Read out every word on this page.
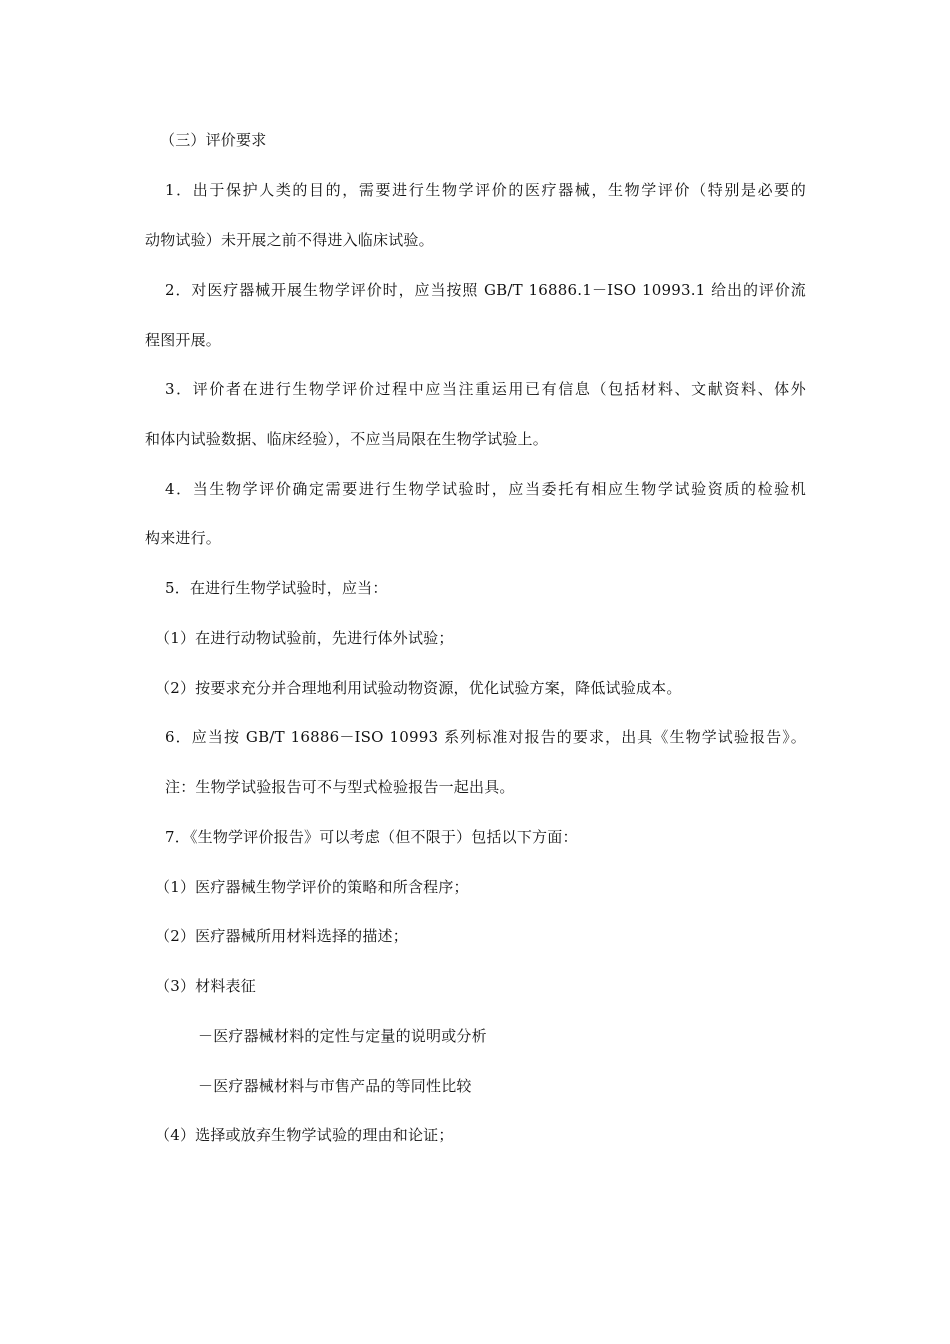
（三）评价要求
1．出于保护人类的目的，需要进行生物学评价的医疗器械，生物学评价（特别是必要的
动物试验）未开展之前不得进入临床试验。
2．对医疗器械开展生物学评价时，应当按照 GB/T 16886.1－ISO 10993.1 给出的评价流
程图开展。
3．评价者在进行生物学评价过程中应当注重运用已有信息（包括材料、文献资料、体外
和体内试验数据、临床经验），不应当局限在生物学试验上。
4．当生物学评价确定需要进行生物学试验时，应当委托有相应生物学试验资质的检验机
构来进行。
5．在进行生物学试验时，应当：
（1）在进行动物试验前，先进行体外试验；
（2）按要求充分并合理地利用试验动物资源，优化试验方案，降低试验成本。
6．应当按 GB/T 16886－ISO 10993 系列标准对报告的要求，出具《生物学试验报告》。
注：生物学试验报告可不与型式检验报告一起出具。
7．《生物学评价报告》可以考虑（但不限于）包括以下方面：
（1）医疗器械生物学评价的策略和所含程序；
（2）医疗器械所用材料选择的描述；
（3）材料表征
－医疗器械材料的定性与定量的说明或分析
－医疗器械材料与市售产品的等同性比较
（4）选择或放弃生物学试验的理由和论证；
